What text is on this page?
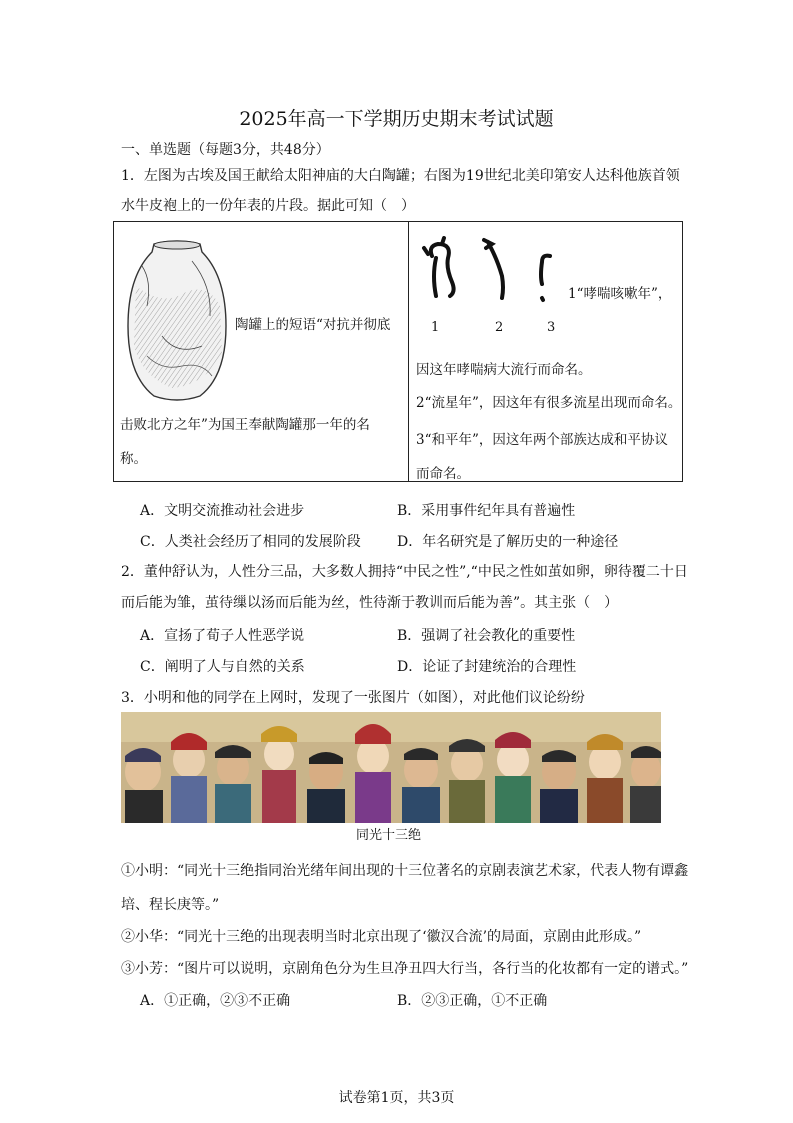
2025年高一下学期历史期末考试试题
一、单选题（每题3分，共48分）
1．左图为古埃及国王献给太阳神庙的大白陶罐；右图为19世纪北美印第安人达科他族首领
水牛皮袍上的一份年表的片段。据此可知（　）
陶罐上的短语“对抗并彻底
击败北方之年”为国王奉献陶罐那一年的名
称。
1	2	3
1“哮喘咳嗽年”，
因这年哮喘病大流行而命名。
2“流星年”，因这年有很多流星出现而命名。
3“和平年”，因这年两个部族达成和平协议
而命名。
A．文明交流推动社会进步	B．采用事件纪年具有普遍性
C．人类社会经历了相同的发展阶段	D．年名研究是了解历史的一种途径
2．董仲舒认为，人性分三品，大多数人拥持“中民之性”,“中民之性如茧如卵，卵待覆二十日
而后能为雏，茧待缫以汤而后能为丝，性待渐于教训而后能为善”。其主张（　）
A．宣扬了荀子人性恶学说	B．强调了社会教化的重要性
C．阐明了人与自然的关系	D．论证了封建统治的合理性
3．小明和他的同学在上网时，发现了一张图片（如图），对此他们议论纷纷
同光十三绝
①小明：“同光十三绝指同治光绪年间出现的十三位著名的京剧表演艺术家，代表人物有谭鑫
培、程长庚等。”
②小华：“同光十三绝的出现表明当时北京出现了‘徽汉合流’的局面，京剧由此形成。”
③小芳：“图片可以说明，京剧角色分为生旦净丑四大行当，各行当的化妆都有一定的谱式。”
A．①正确，②③不正确	B．②③正确，①不正确
试卷第1页，共3页
